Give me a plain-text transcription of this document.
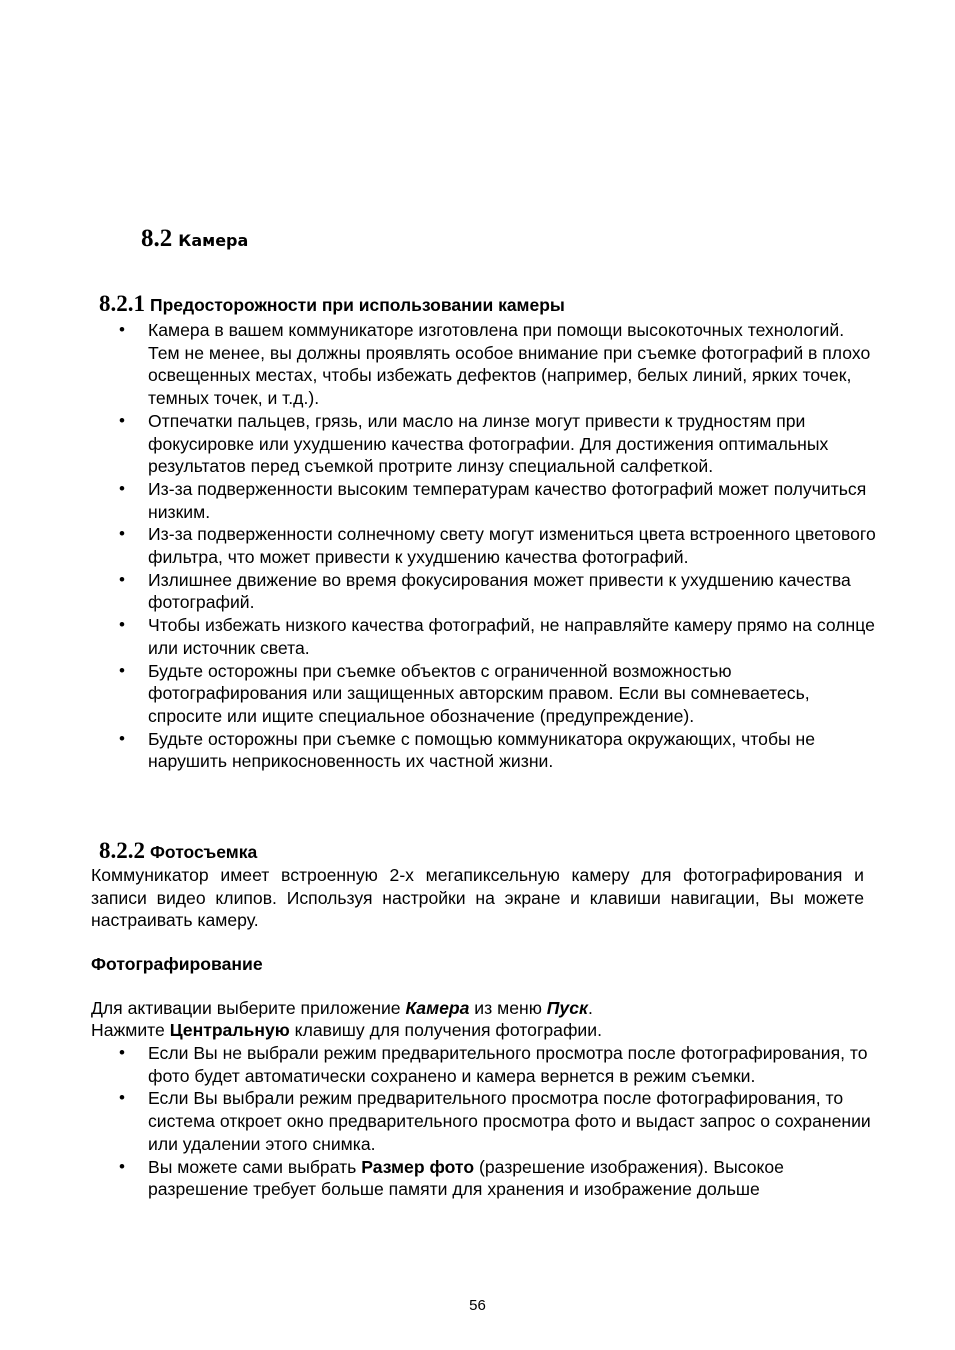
8.2 Камера
8.2.1 Предосторожности при использовании камеры
• Камера в вашем коммуникаторе изготовлена при помощи высокоточных технологий. Тем не менее, вы должны проявлять особое внимание при съемке фотографий в плохо освещенных местах, чтобы избежать дефектов (например, белых линий, ярких точек, темных точек, и т.д.).
• Отпечатки пальцев, грязь, или масло на линзе могут привести к трудностям при фокусировке или ухудшению качества фотографии. Для достижения оптимальных результатов перед съемкой протрите линзу специальной салфеткой.
• Из-за подверженности высоким температурам качество фотографий может получиться низким.
• Из-за подверженности солнечному свету могут измениться цвета встроенного цветового фильтра, что может привести к ухудшению качества фотографий.
• Излишнее движение во время фокусирования может привести к ухудшению качества фотографий.
• Чтобы избежать низкого качества фотографий, не направляйте камеру прямо на солнце или источник света.
• Будьте осторожны при съемке объектов с ограниченной возможностью фотографирования или защищенных авторским правом. Если вы сомневаетесь, спросите или ищите специальное обозначение (предупреждение).
• Будьте осторожны при съемке с помощью коммуникатора окружающих, чтобы не нарушить неприкосновенность их частной жизни.
8.2.2 Фотосъемка

Коммуникатор имеет встроенную 2-х мегапиксельную камеру для фотографирования и записи видео клипов. Используя настройки на экране и клавиши навигации, Вы можете настраивать камеру.

Фотографирование

Для активации выберите приложение Камера из меню Пуск.

Нажмите Центральную клавишу для получения фотографии.

• Если Вы не выбрали режим предварительного просмотра после фотографирования, то фото будет автоматически сохранено и камера вернется в режим съемки.
• Если Вы выбрали режим предварительного просмотра после фотографирования, то система откроет окно предварительного просмотра фото и выдаст запрос о сохранении или удалении этого снимка.
• Вы можете сами выбрать Размер фото (разрешение изображения). Высокое разрешение требует больше памяти для хранения и изображение дольше
56
